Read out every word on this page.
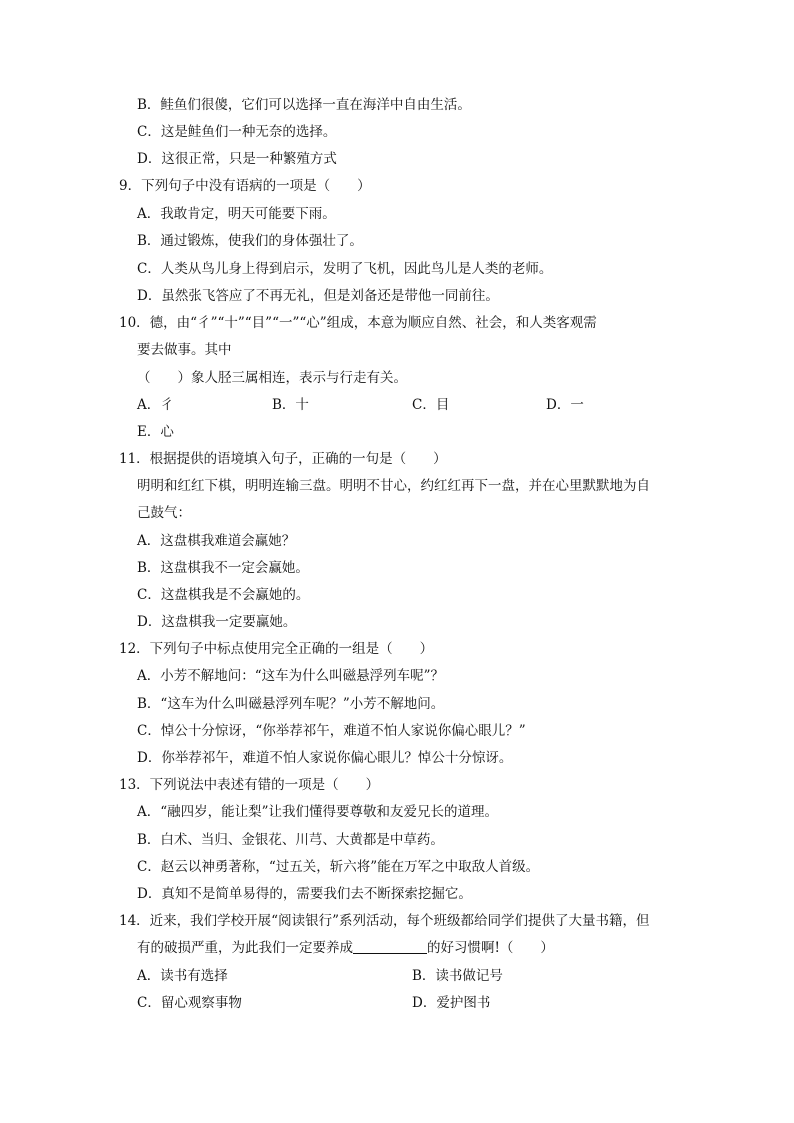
B．鲑鱼们很傻，它们可以选择一直在海洋中自由生活。
C．这是鲑鱼们一种无奈的选择。
D．这很正常，只是一种繁殖方式
9．下列句子中没有语病的一项是（　　）
A．我敢肯定，明天可能要下雨。
B．通过锻炼，使我们的身体强壮了。
C．人类从鸟儿身上得到启示，发明了飞机，因此鸟儿是人类的老师。
D．虽然张飞答应了不再无礼，但是刘备还是带他一同前往。
10．德，由“彳”“十”“目”“一”“心”组成，本意为顺应自然、社会，和人类客观需
要去做事。其中
（　　）象人胫三属相连，表示与行走有关。
A．彳	B．十	C．目	D．一
E．心
11．根据提供的语境填入句子，正确的一句是（　　）
明明和红红下棋，明明连输三盘。明明不甘心，约红红再下一盘，并在心里默默地为自
己鼓气：
A．这盘棋我难道会赢她？
B．这盘棋我不一定会赢她。
C．这盘棋我是不会赢她的。
D．这盘棋我一定要赢她。
12．下列句子中标点使用完全正确的一组是（　　）
A．小芳不解地问：“这车为什么叫磁悬浮列车呢”？
B．“这车为什么叫磁悬浮列车呢？”小芳不解地问。
C．悼公十分惊讶，“你举荐祁午，难道不怕人家说你偏心眼儿？”
D．你举荐祁午，难道不怕人家说你偏心眼儿？悼公十分惊讶。
13．下列说法中表述有错的一项是（　　）
A．“融四岁，能让梨”让我们懂得要尊敬和友爱兄长的道理。
B．白术、当归、金银花、川芎、大黄都是中草药。
C．赵云以神勇著称，“过五关，斩六将”能在万军之中取敌人首级。
D．真知不是简单易得的，需要我们去不断探索挖掘它。
14．近来，我们学校开展“阅读银行”系列活动，每个班级都给同学们提供了大量书籍，但
有的破损严重，为此我们一定要养成	的好习惯啊!（　　）
A．读书有选择	B．读书做记号
C．留心观察事物	D．爱护图书
